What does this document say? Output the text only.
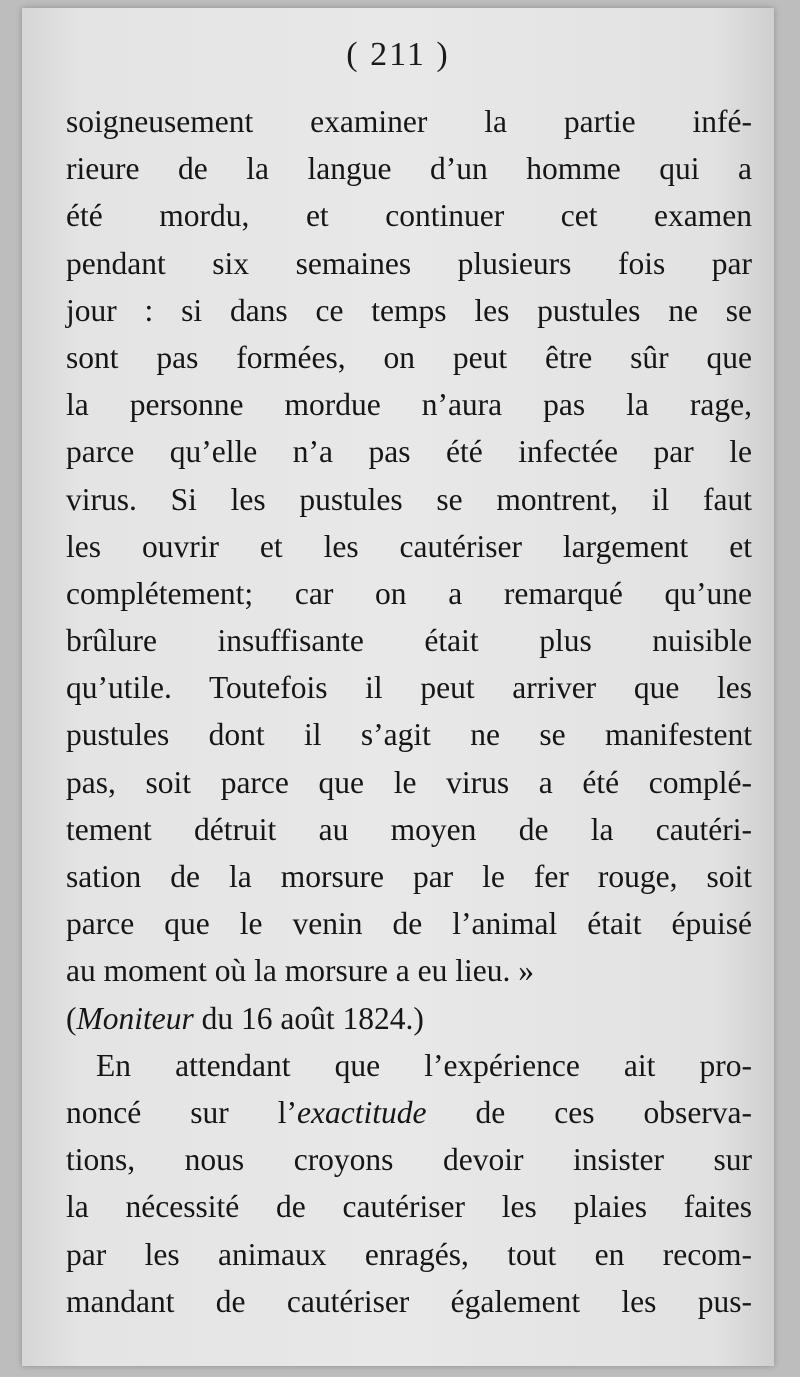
( 211 )
soigneusement examiner la partie infé-
rieure de la langue d’un homme qui a
été mordu, et continuer cet examen
pendant six semaines plusieurs fois par
jour : si dans ce temps les pustules ne se
sont pas formées, on peut être sûr que
la personne mordue n’aura pas la rage,
parce qu’elle n’a pas été infectée par le
virus. Si les pustules se montrent, il faut
les ouvrir et les cautériser largement et
complétement; car on a remarqué qu’une
brûlure insuffisante était plus nuisible
qu’utile. Toutefois il peut arriver que les
pustules dont il s’agit ne se manifestent
pas, soit parce que le virus a été complé-
tement détruit au moyen de la cautéri-
sation de la morsure par le fer rouge, soit
parce que le venin de l’animal était épuisé
au moment où la morsure a eu lieu. »
(Moniteur du 16 août 1824.)
En attendant que l’expérience ait pro-
noncé sur l’exactitude de ces observa-
tions, nous croyons devoir insister sur
la nécessité de cautériser les plaies faites
par les animaux enragés, tout en recom-
mandant de cautériser également les pus-
